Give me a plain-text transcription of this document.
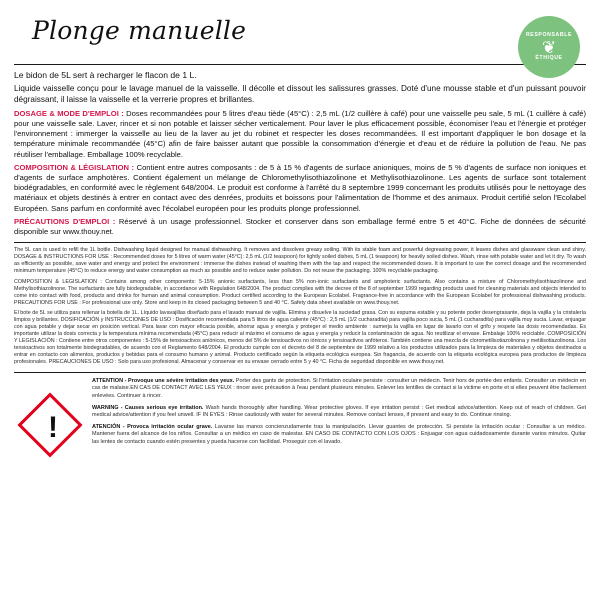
Plonge manuelle	RESPONSABLE
❦
ÉTHIQUE
Le bidon de 5L sert à recharger le flacon de 1 L.
Liquide vaisselle conçu pour le lavage manuel de la vaisselle. Il décolle et dissout les salissures grasses. Doté d'une mousse stable et d'un puissant pouvoir dégraissant, il laisse la vaisselle et la verrerie propres et brillantes.

DOSAGE & MODE D'EMPLOI : Doses recommandées pour 5 litres d'eau tiède (45°C) : 2,5 mL (1/2 cuillère à café) pour une vaisselle peu sale, 5 mL (1 cuillère à café) pour une vaisselle sale. Laver, rincer et si non potable et laisser sécher verticalement. Pour laver le plus efficacement possible, économiser l'eau et l'énergie et protéger l'environnement : immerger la vaisselle au lieu de la laver au jet du robinet et respecter les doses recommandées. Il est important d'appliquer le bon dosage et la température minimale recommandée (45°C) afin de faire baisser autant que possible la consommation d'énergie et d'eau et de réduire la pollution de l'eau. Ne pas réutiliser l'emballage. Emballage 100% recyclable.

COMPOSITION & LÉGISLATION : Contient entre autres composants : de 5 à 15 % d'agents de surface anioniques, moins de 5 % d'agents de surface non ioniques et d'agents de surface amphotères. Contient également un mélange de Chloromethylisothiazolinone et Methylisothiazolinone. Les agents de surface sont totalement biodégradables, en conformité avec le règlement 648/2004. Le produit est conforme à l'arrêté du 8 septembre 1999 concernant les produits utilisés pour le nettoyage des matériaux et objets destinés à entrer en contact avec des denrées, produits et boissons pour l'alimentation de l'homme et des animaux. Produit certifié selon l'Ecolabel Européen. Sans parfum en conformité avec l'écolabel européen pour les produits plonge professionnel.

PRÉCAUTIONS D'EMPLOI : Réservé à un usage professionnel. Stocker et conserver dans son emballage fermé entre 5 et 40°C. Fiche de données de sécurité disponible sur www.thouy.net.

The 5L can is used to refill the 1L bottle. Dishwashing liquid designed for manual dishwashing. It removes and dissolves greasy soiling. With its stable foam and powerful degreasing power, it leaves dishes and glassware clean and shiny. DOSAGE & INSTRUCTIONS FOR USE : Recommended doses for 5 litres of warm water (45°C): 2,5 mL (1/2 teaspoon) for lightly soiled dishes, 5 mL (1 teaspoon) for heavily soiled dishes. Wash, rinse with potable water and let it dry. To wash as efficiently as possible, save water and energy and protect the environment : immerse the dishes instead of washing them with the tap and respect the recommended doses. It is important to use the correct dosage and the recommended minimum temperature (45°C) to reduce energy and water consumption as much as possible and to reduce water pollution. Do not reuse the packaging. 100% recyclable packaging.

COMPOSITION & LEGISLATION : Contains among other components: 5-15% anionic surfactants, less than 5% non-ionic surfactants and amphoteric surfactants. Also contains a mixture of Chloromethylisothiazolinone and Methylisothiazolinone. The surfactants are fully biodegradable, in accordance with Regulation 648/2004. The product complies with the decree of the 8 of september 1999 regarding products used for cleaning materials and objects intended to come into contact with food, products and drinks for human and animal consumption. Product certified according to the European Ecolabel. Fragrance-free in accordance with the European Ecolabel for professional dishwashing products. PRECAUTIONS FOR USE : For professional use only. Store and keep in its closed packaging between 5 and 40 °C. Safety data sheet available on www.thouy.net.

El bote de 5L se utiliza para rellenar la botella de 1L. Líquido lavavajillas diseñado para el lavado manual de vajilla. Elimina y disuelve la suciedad grasa. Con su espuma estable y su potente poder desengrasante, deja la vajilla y la cristalería limpios y brillantes. DOSIFICACIÓN y INSTRUCCIONES DE USO : Dosificación recomendada para 5 litros de agua caliente (45°C) : 2,5 mL (1/2 cucharadita) para vajilla poco sucia, 5 mL (1 cucharadita) para vajilla muy sucia. Lavar, enjuagar con agua potable y dejar secar en posición vertical. Para lavar con mayor eficacia posible, ahorrar agua y energía y proteger el medio ambiente : sumerja la vajilla en lugar de lavarlo con el grifo y respete las dosis recomendadas. Es importante utilizar la dosis correcta y la temperatura mínima recomendada (45°C) para reducir al máximo el consumo de agua y energía y reducir la contaminación de agua. No reutilizar el envase. Embalaje 100% reciclable. COMPOSICIÓN Y LEGISLACIÓN : Contiene entre otros componentes : 5-15% de tensioactivos aniónicos, menos del 5% de tensioactivos no iónicos y tensioactivos anfóteros. También contiene una mezcla de clorometilisotiazolinona y metilisotiazolinona. Los tensioactivos son totalmente biodegradables, de acuerdo con el Reglamento 648/2004. El producto cumple con el decreto del 8 de septiembre de 1999 relativo a los productos utilizados para la limpieza de materiales y objetos destinados a entrar en contacto con alimentos, productos y bebidas para el consumo humano y animal. Producto certificado según la etiqueta ecológica europea. Sin fragancia, de acuerdo con la etiqueta ecológica europea para productos de limpieza profesionales. PRECAUCIONES DE USO : Solo para uso profesional. Almacenar y conservar en su envase cerrado entre 5 y 40 °C. Ficha de seguridad disponible en www.thouy.net.

!

ATTENTION - Provoque une sévère irritation des yeux. Porter des gants de protection. Si l'irritation oculaire persiste : consulter un médecin. Tenir hors de portée des enfants. Consulter un médecin en cas de malaise.EN CAS DE CONTACT AVEC LES YEUX : rincer avec précaution à l'eau pendant plusieurs minutes. Enlever les lentilles de contact si la victime en porte et si elles peuvent être facilement enlevées. Continuer à rincer.

WARNING - Causes serious eye irritation. Wash hands thoroughly after handling. Wear protective gloves. If eye irritation persist : Get medical advice/attention. Keep out of reach of children. Get medical advice/attention if you feel unwell. IF IN EYES : Rinse cautiously with water for several minutes. Remove contact lenses, if present and easy to do. Continue rinsing.

ATENCIÓN - Provoca irritación ocular grave. Lavarse las manos concienzudamente tras la manipulación. Llevar guantes de protección. Si persiste la irritación ocular : Consultar a un médico. Mantener fuera del alcance de los niños. Consultar a un médico en caso de malestar. EN CASO DE CONTACTO CON LOS OJOS : Enjuagar con agua cuidadosamente durante varios minutos. Quitar las lentes de contacto cuando estén presentes y pueda hacerse con facilidad. Proseguir con el lavado.
